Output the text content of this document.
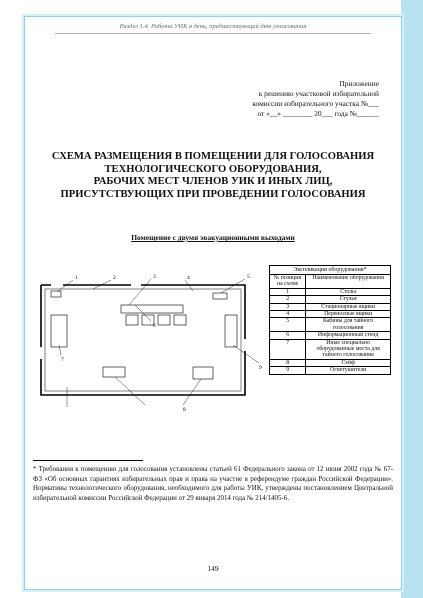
Раздел 1.4. Работа УИК в день, предшествующий дню голосования
Приложение
к решению участковой избирательной
комиссии избирательного участка №___
от «__» ________ 20___ года №______
СХЕМА РАЗМЕЩЕНИЯ В ПОМЕЩЕНИИ ДЛЯ ГОЛОСОВАНИЯ
ТЕХНОЛОГИЧЕСКОГО ОБОРУДОВАНИЯ,
РАБОЧИХ МЕСТ ЧЛЕНОВ УИК И ИНЫХ ЛИЦ,
ПРИСУТСТВУЮЩИХ ПРИ ПРОВЕДЕНИИ ГОЛОСОВАНИЯ
Помещение с двумя эвакуационными выходами
1	2	3	4	5
6
7
8
9
Экспликация оборудования*
№ позиции на схеме	Наименование оборудования
1	Столы
2	Стулья
3	Стационарные ящики
4	Переносные ящики
5	Кабины для тайного голосования
6	Информационный стенд
7	Иные специально оборудованные места для тайного голосования
8	Сейф
9	Огнетушители
* Требования к помещению для голосования установлены статьей 61 Федерального закона от 12 июня 2002 года № 67-ФЗ «Об основных гарантиях избирательных прав и права на участие в референдуме граждан Российской Федерации». Нормативы технологического оборудования, необходимого для работы УИК, утверждены постановлением Центральной избирательной комиссии Российской Федерации от 29 января 2014 года № 214/1405-6.
149
